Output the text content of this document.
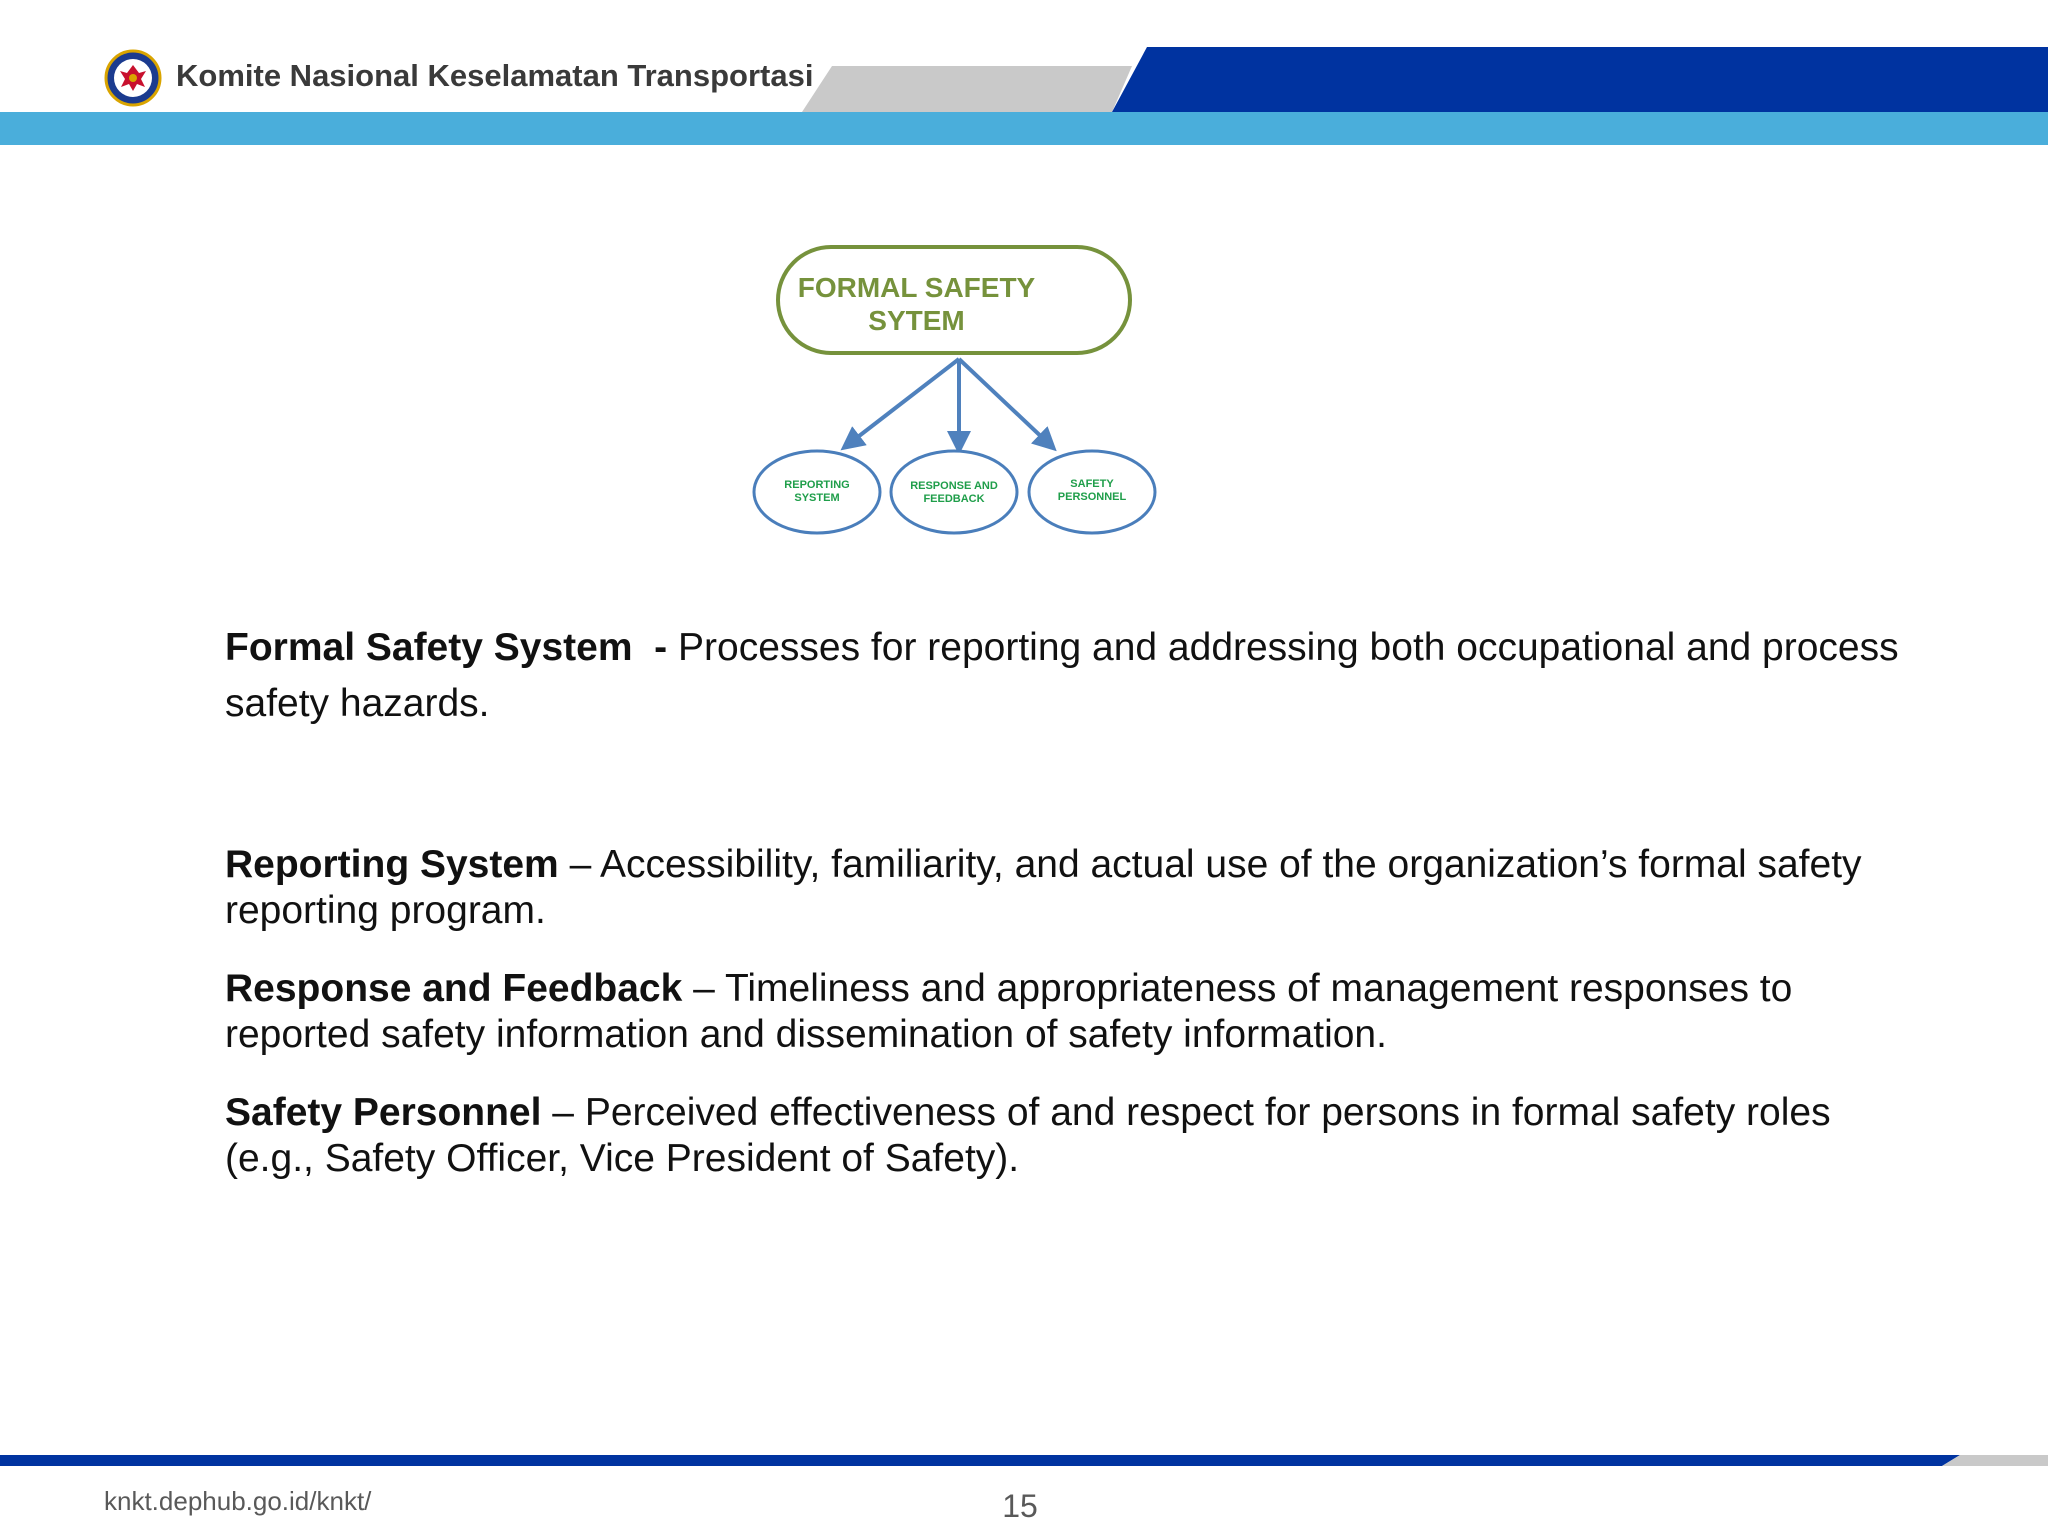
Komite Nasional Keselamatan Transportasi
FORMAL SAFETY
SYTEM
REPORTING
SYSTEM
RESPONSE AND
FEEDBACK
SAFETY
PERSONNEL

Formal Safety System  - Processes for reporting and addressing both occupational and process safety hazards.

Reporting System – Accessibility, familiarity, and actual use of the organization’s formal safety reporting program.

Response and Feedback – Timeliness and appropriateness of management responses to reported safety information and dissemination of safety information.

Safety Personnel – Perceived effectiveness of and respect for persons in formal safety roles (e.g., Safety Officer, Vice President of Safety).

knkt.dephub.go.id/knkt/	15
